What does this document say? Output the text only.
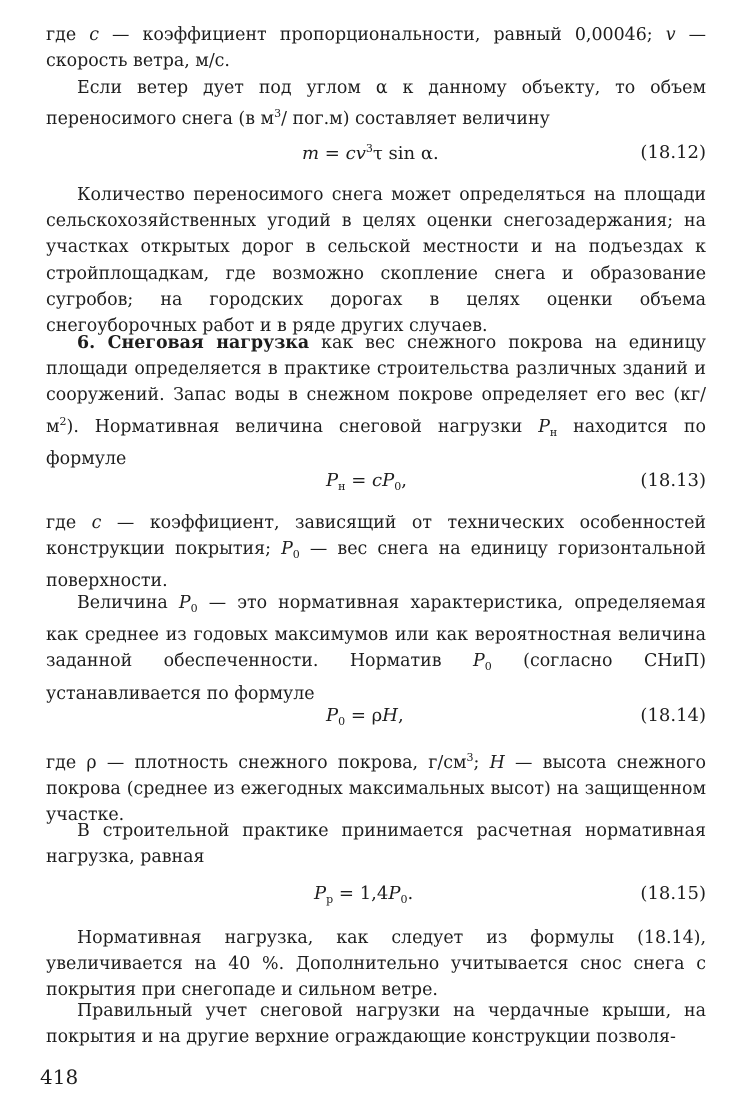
где c — коэффициент пропорциональности, равный 0,00046; v — скорость ветра, м/с.

Если ветер дует под углом α к данному объекту, то объем переносимого снега (в $м^3/$ пог.м) составляет величину

$m = cv^3\tau$ sin α.	(18.12)

Количество переносимого снега может определяться на площади сельскохозяйственных угодий в целях оценки снегозадержания; на участках открытых дорог в сельской местности и на подъездах к стройплощадкам, где возможно скопление снега и образование сугробов; на городских дорогах в целях оценки объема снегоуборочных работ и в ряде других случаев.

6. Снеговая нагрузка как вес снежного покрова на единицу площади определяется в практике строительства различных зданий и сооружений. Запас воды в снежном покрове определяет его вес (кг/ $м^2$). Нормативная величина снеговой нагрузки $P_н$ находится по формуле

$P_н = cP_0$,	(18.13)

где c — коэффициент, зависящий от технических особенностей конструкции покрытия; $P_0$ — вес снега на единицу горизонтальной поверхности.

Величина $P_0$ — это нормативная характеристика, определяемая как среднее из годовых максимумов или как вероятностная величина заданной обеспеченности. Норматив $P_0$ (согласно СНиП) устанавливается по формуле

$P_0 = \rho H$,	(18.14)

где ρ — плотность снежного покрова, $г/см^3$; H — высота снежного покрова (среднее из ежегодных максимальных высот) на защищенном участке.

В строительной практике принимается расчетная нормативная нагрузка, равная

$P_р = 1,4P_0$.	(18.15)

Нормативная нагрузка, как следует из формулы (18.14), увеличивается на 40 %. Дополнительно учитывается снос снега с покрытия при снегопаде и сильном ветре.

Правильный учет снеговой нагрузки на чердачные крыши, на покрытия и на другие верхние ограждающие конструкции позволя-

418
